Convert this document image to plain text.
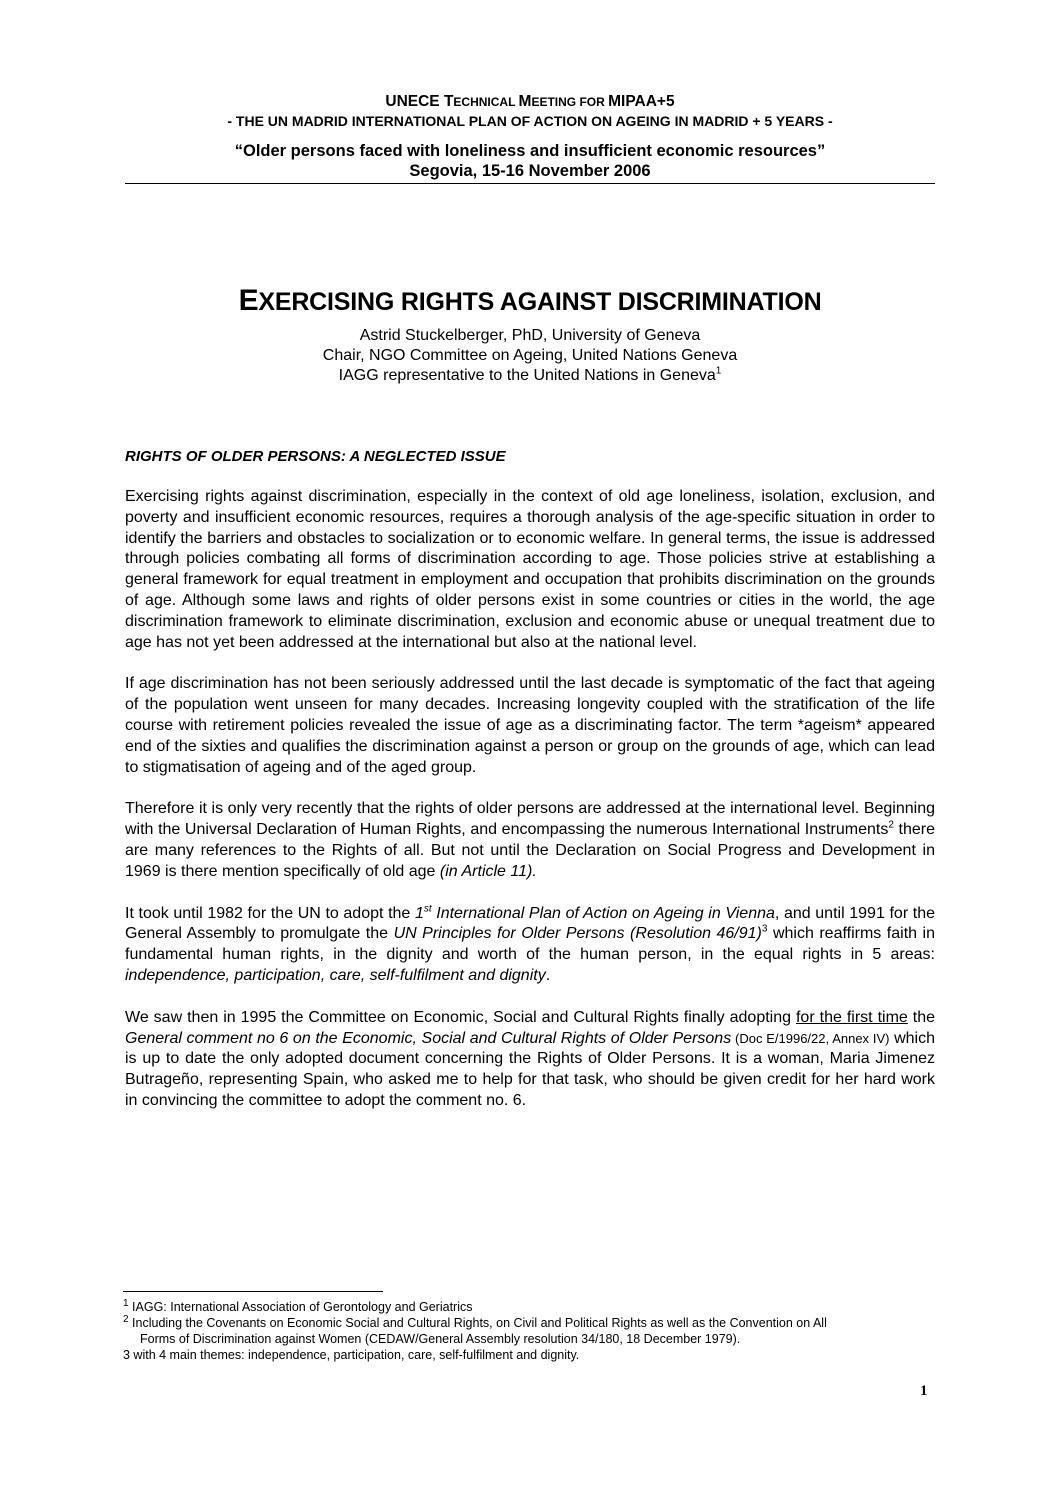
UNECE TECHNICAL MEETING FOR MIPAA+5
- THE UN MADRID INTERNATIONAL PLAN OF ACTION ON AGEING IN MADRID + 5 YEARS -
“Older persons faced with loneliness and insufficient economic resources”
Segovia, 15-16 November 2006
EXERCISING RIGHTS AGAINST DISCRIMINATION
Astrid Stuckelberger, PhD, University of Geneva
Chair, NGO Committee on Ageing, United Nations Geneva
IAGG representative to the United Nations in Geneva$^1$
RIGHTS OF OLDER PERSONS: A NEGLECTED ISSUE
Exercising rights against discrimination, especially in the context of old age loneliness, isolation, exclusion, and poverty and insufficient economic resources, requires a thorough analysis of the age-specific situation in order to identify the barriers and obstacles to socialization or to economic welfare. In general terms, the issue is addressed through policies combating all forms of discrimination according to age. Those policies strive at establishing a general framework for equal treatment in employment and occupation that prohibits discrimination on the grounds of age. Although some laws and rights of older persons exist in some countries or cities in the world, the age discrimination framework to eliminate discrimination, exclusion and economic abuse or unequal treatment due to age has not yet been addressed at the international but also at the national level.
If age discrimination has not been seriously addressed until the last decade is symptomatic of the fact that ageing of the population went unseen for many decades. Increasing longevity coupled with the stratification of the life course with retirement policies revealed the issue of age as a discriminating factor. The term *ageism* appeared end of the sixties and qualifies the discrimination against a person or group on the grounds of age, which can lead to stigmatisation of ageing and of the aged group.
Therefore it is only very recently that the rights of older persons are addressed at the international level. Beginning with the Universal Declaration of Human Rights, and encompassing the numerous International Instruments$^2$ there are many references to the Rights of all. But not until the Declaration on Social Progress and Development in 1969 is there mention specifically of old age (in Article 11).
It took until 1982 for the UN to adopt the 1st International Plan of Action on Ageing in Vienna, and until 1991 for the General Assembly to promulgate the UN Principles for Older Persons (Resolution 46/91)$^3$ which reaffirms faith in fundamental human rights, in the dignity and worth of the human person, in the equal rights in 5 areas: independence, participation, care, self-fulfilment and dignity.
We saw then in 1995 the Committee on Economic, Social and Cultural Rights finally adopting for the first time the General comment no 6 on the Economic, Social and Cultural Rights of Older Persons (Doc E/1996/22, Annex IV) which is up to date the only adopted document concerning the Rights of Older Persons. It is a woman, Maria Jimenez Butrageño, representing Spain, who asked me to help for that task, who should be given credit for her hard work in convincing the committee to adopt the comment no. 6.
$^1$ IAGG: International Association of Gerontology and Geriatrics
$^2$ Including the Covenants on Economic Social and Cultural Rights, on Civil and Political Rights as well as the Convention on All
Forms of Discrimination against Women (CEDAW/General Assembly resolution 34/180, 18 December 1979).
3 with 4 main themes: independence, participation, care, self-fulfilment and dignity.
1
